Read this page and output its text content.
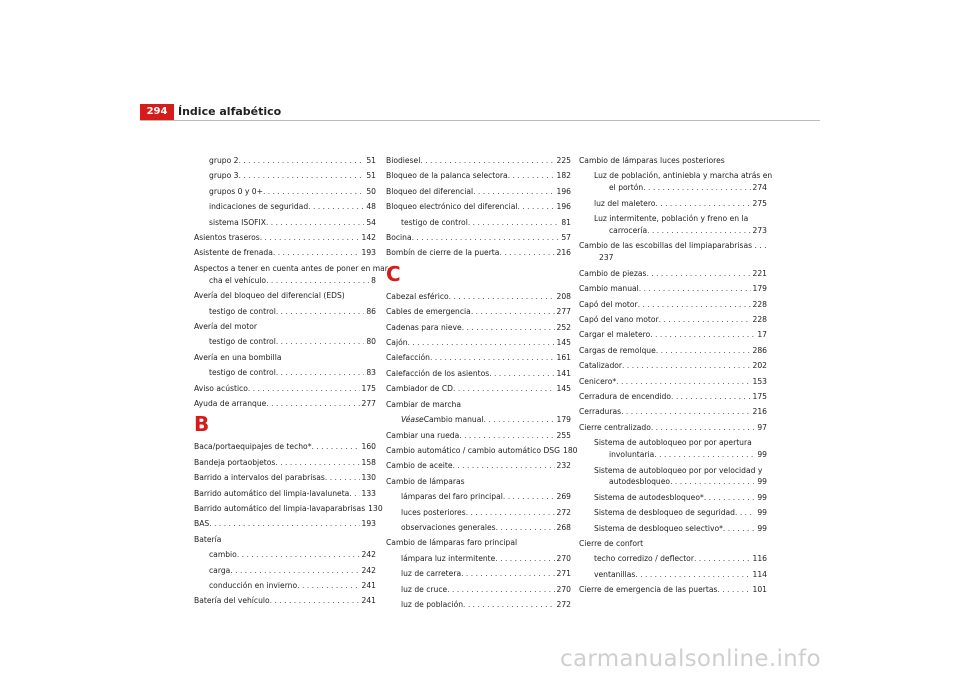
294 Índice alfabético
grupo 2 . . .	51
grupo 3 . . .	51
grupos 0 y 0+ . . .	50
indicaciones de seguridad . . .	48
sistema ISOFIX . . .	54
Asientos traseros . . .	142
Asistente de frenada . . .	193
Aspectos a tener en cuenta antes de poner en mar-
cha el vehículo . . .	8
Avería del bloqueo del diferencial (EDS)
testigo de control . . .	86
Avería del motor
testigo de control . . .	80
Avería en una bombilla
testigo de control . . .	83
Aviso acústico . . .	175
Ayuda de arranque . . .	277
B
Baca/portaequipajes de techo* . . .	160
Bandeja portaobjetos . . .	158
Barrido a intervalos del parabrisas . . .	130
Barrido automático del limpia-lavaluneta . . . 133
Barrido automático del limpia-lavaparabrisas 130
BAS . . .	193
Batería
cambio . . .	242
carga . . .	242
conducción en invierno . . .	241
Batería del vehículo . . .	241
Biodiesel . . .	225
Bloqueo de la palanca selectora . . .	182
Bloqueo del diferencial . . .	196
Bloqueo electrónico del diferencial . . .	196
testigo de control . . .	81
Bocina . . .	57
Bombín de cierre de la puerta . . .	216
C
Cabezal esférico . . .	208
Cables de emergencia . . .	277
Cadenas para nieve . . .	252
Cajón . . .	145
Calefacción . . .	161
Calefacción de los asientos . . .	141
Cambiador de CD . . .	145
Cambiar de marcha
Véase Cambio manual . . .	179
Cambiar una rueda . . .	255
Cambio automático / cambio automático DSG 180
Cambio de aceite . . .	232
Cambio de lámparas
lámparas del faro principal . . .	269
luces posteriores . . .	272
observaciones generales . . .	268
Cambio de lámparas faro principal
lámpara luz intermitente . . .	270
luz de carretera . . .	271
luz de cruce . . .	270
luz de población . . .	272
Cambio de lámparas luces posteriores
Luz de población, antiniebla y marcha atrás en
el portón . . .	274
luz del maletero . . .	275
Luz intermitente, población y freno en la
carrocería . . .	273
Cambio de las escobillas del limpiaparabrisas . . .
237
Cambio de piezas . . .	221
Cambio manual . . .	179
Capó del motor . . .	228
Capó del vano motor . . .	228
Cargar el maletero . . .	17
Cargas de remolque . . .	286
Catalizador . . .	202
Cenicero* . . .	153
Cerradura de encendido . . .	175
Cerraduras . . .	216
Cierre centralizado . . .	97
Sistema de autobloqueo por por apertura
involuntaria . . .	99
Sistema de autobloqueo por por velocidad y
autodesbloqueo . . .	99
Sistema de autodesbloqueo* . . .	99
Sistema de desbloqueo de seguridad . . .	99
Sistema de desbloqueo selectivo* . . .	99
Cierre de confort
techo corredizo / deflector . . .	116
ventanillas . . .	114
Cierre de emergencia de las puertas . . .	101
carmanualsonline.info
